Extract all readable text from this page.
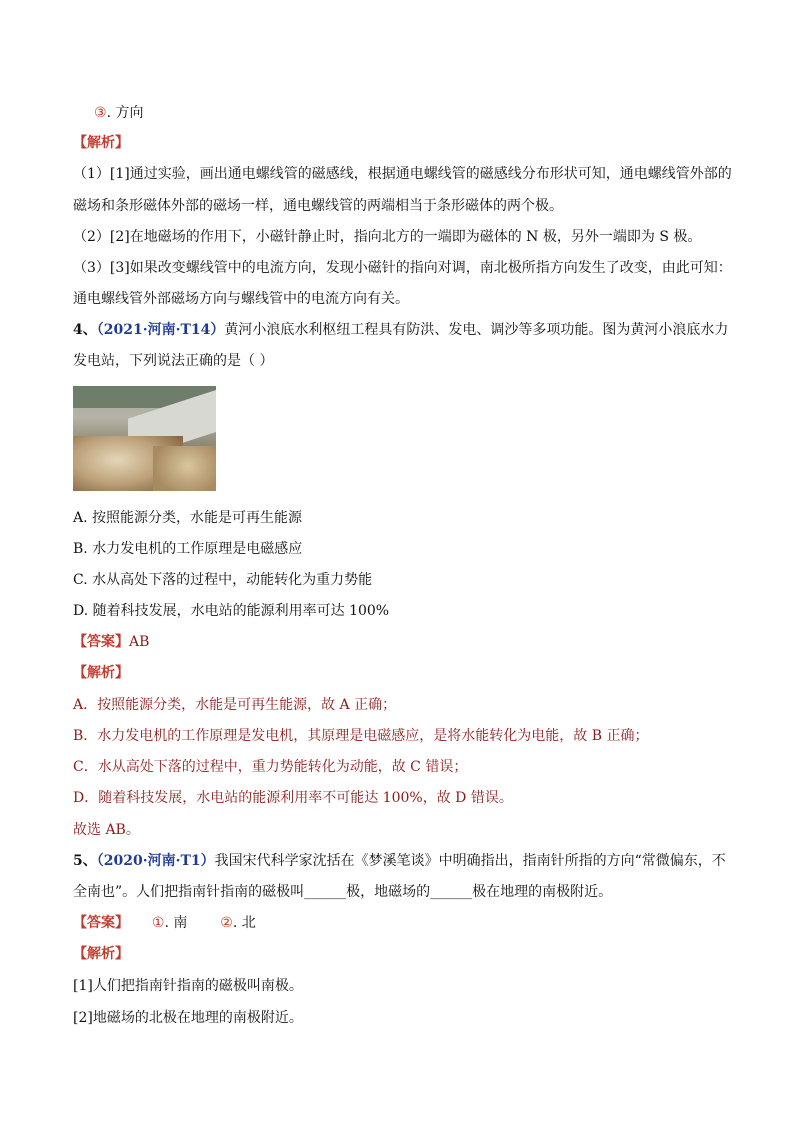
③. 方向
【解析】
（1）[1]通过实验，画出通电螺线管的磁感线，根据通电螺线管的磁感线分布形状可知，通电螺线管外部的
磁场和条形磁体外部的磁场一样，通电螺线管的两端相当于条形磁体的两个极。
（2）[2]在地磁场的作用下，小磁针静止时，指向北方的一端即为磁体的 N 极，另外一端即为 S 极。
（3）[3]如果改变螺线管中的电流方向，发现小磁针的指向对调，南北极所指方向发生了改变，由此可知：
通电螺线管外部磁场方向与螺线管中的电流方向有关。
4、（2021·河南·T14）黄河小浪底水利枢纽工程具有防洪、发电、调沙等多项功能。图为黄河小浪底水力
发电站，下列说法正确的是（ ）
A. 按照能源分类，水能是可再生能源
B. 水力发电机的工作原理是电磁感应
C. 水从高处下落的过程中，动能转化为重力势能
D. 随着科技发展，水电站的能源利用率可达 100%
【答案】AB
【解析】
A．按照能源分类，水能是可再生能源，故 A 正确；
B．水力发电机的工作原理是发电机，其原理是电磁感应，是将水能转化为电能，故 B 正确；
C．水从高处下落的过程中，重力势能转化为动能，故 C 错误；
D．随着科技发展，水电站的能源利用率不可能达 100%，故 D 错误。
故选 AB。
5、（2020·河南·T1）我国宋代科学家沈括在《梦溪笔谈》中明确指出，指南针所指的方向“常微偏东，不
全南也”。人们把指南针指南的磁极叫______极，地磁场的______极在地理的南极附近。
【答案】 ①. 南 ②. 北
【解析】
[1]人们把指南针指南的磁极叫南极。
[2]地磁场的北极在地理的南极附近。
